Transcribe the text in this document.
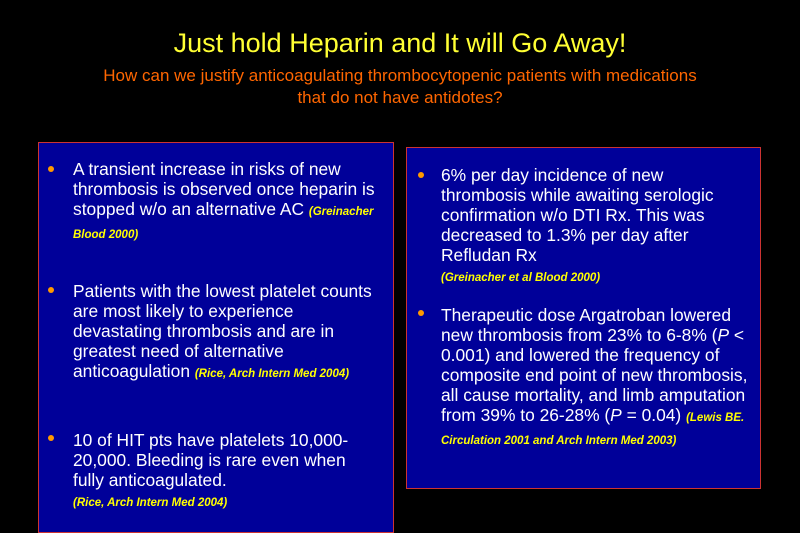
Just hold Heparin and It will Go Away!
How can we justify anticoagulating thrombocytopenic patients with medications
that do not have antidotes?
A transient increase in risks of new thrombosis is observed once heparin is stopped w/o an alternative AC (Greinacher Blood 2000)
Patients with the lowest platelet counts are most likely to experience devastating thrombosis and are in greatest need of alternative anticoagulation (Rice, Arch Intern Med 2004)
10 of HIT pts have platelets 10,000-20,000. Bleeding is rare even when fully anticoagulated.
(Rice, Arch Intern Med 2004)
6% per day incidence of new thrombosis while awaiting serologic confirmation w/o DTI Rx. This was decreased to 1.3% per day after Refludan Rx
(Greinacher et al Blood 2000)
Therapeutic dose Argatroban lowered new thrombosis from 23% to 6-8% (P < 0.001) and lowered the frequency of composite end point of new thrombosis, all cause mortality, and limb amputation from 39% to 26-28% (P = 0.04) (Lewis BE. Circulation 2001 and Arch Intern Med 2003)
